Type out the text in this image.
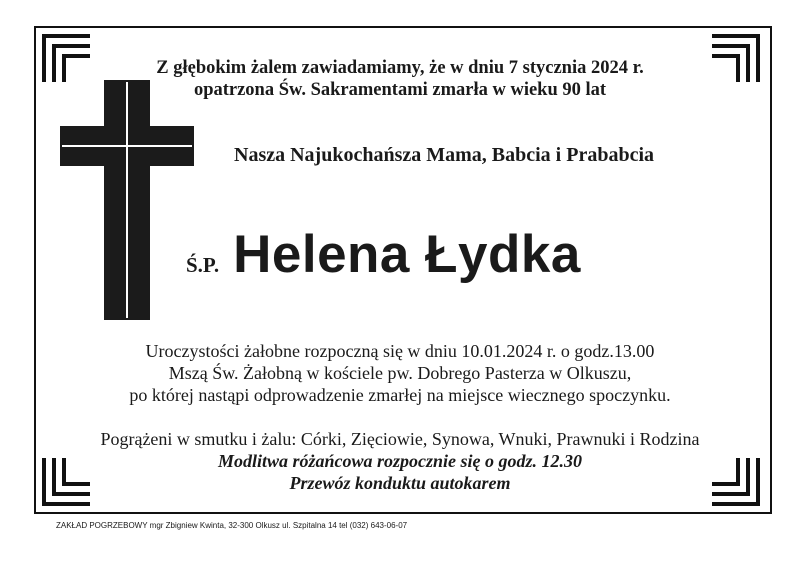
Z głębokim żalem zawiadamiamy, że w dniu 7 stycznia 2024 r.
opatrzona Św. Sakramentami zmarła w wieku 90 lat
Nasza Najukochańsza Mama, Babcia i Prababcia
Ś.P. Helena Łydka
Uroczystości żałobne rozpoczną się w dniu 10.01.2024 r. o godz.13.00
Mszą Św. Żałobną w kościele pw. Dobrego Pasterza w Olkuszu,
po której nastąpi odprowadzenie zmarłej na miejsce wiecznego spoczynku.
Pogrążeni w smutku i żalu: Córki, Zięciowie, Synowa, Wnuki, Prawnuki i Rodzina
Modlitwa różańcowa rozpocznie się o godz. 12.30
Przewóz konduktu autokarem
ZAKŁAD POGRZEBOWY mgr Zbigniew Kwinta, 32-300 Olkusz ul. Szpitalna 14 tel (032) 643-06-07
